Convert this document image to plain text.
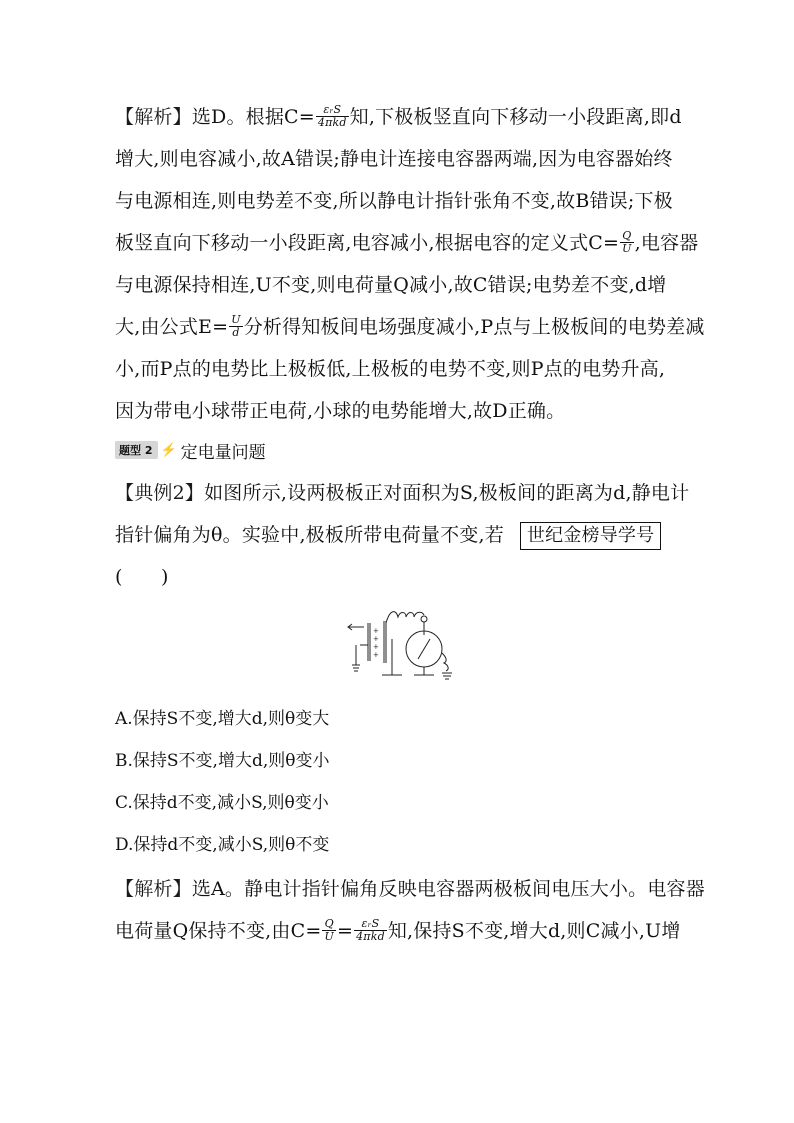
【解析】选D。根据$C= \frac{\text{εᵣS}}{\text{4πkd}}$ 知,下极板竖直向下移动一小段距离,即d
增大,则电容减小,故A错误;静电计连接电容器两端,因为电容器始终
与电源相连,则电势差不变,所以静电计指针张角不变,故B错误;下极
板竖直向下移动一小段距离,电容减小,根据电容的定义式$C= \frac{Q}{U}$ ,电容器
与电源保持相连,U不变,则电荷量Q减小,故C错误;电势差不变,d增
大,由公式$E= \frac{U}{d}$ 分析得知板间电场强度减小,P点与上极板间的电势差减
小,而P点的电势比上极板低,上极板的电势不变,则P点的电势升高,
因为带电小球带正电荷,小球的电势能增大,故D正确。
题型 2 ⚡ 定电量问题
【典例2】如图所示,设两极板正对面积为S,极板间的距离为d,静电计
指针偏角为θ。实验中,极板所带电荷量不变,若 世纪金榜导学号
(　　)
+
+
+
+
A.保持S不变,增大d,则θ变大
B.保持S不变,增大d,则θ变小
C.保持d不变,减小S,则θ变小
D.保持d不变,减小S,则θ不变
【解析】选A。静电计指针偏角反映电容器两极板间电压大小。电容器
电荷量Q保持不变,由$C= \frac{Q}{U} = \frac{\text{εᵣS}}{\text{4πkd}}$ 知,保持S不变,增大d,则C减小,U增
